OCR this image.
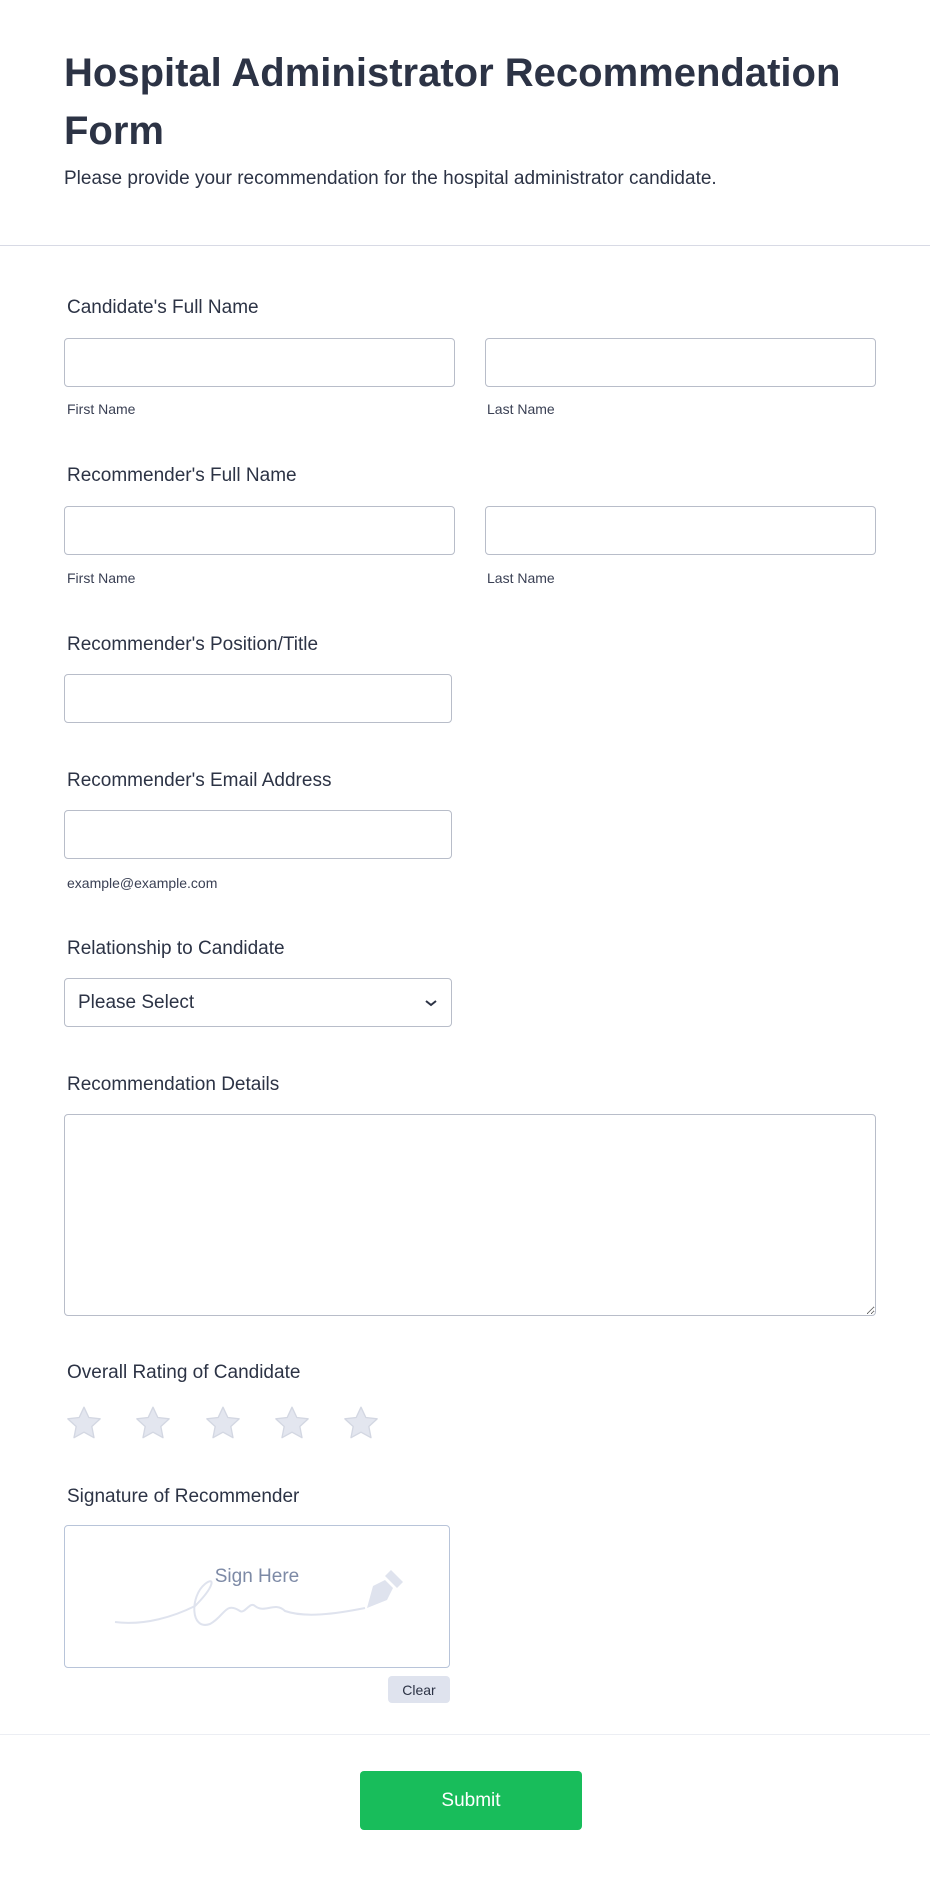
Hospital Administrator Recommendation Form

Please provide your recommendation for the hospital administrator candidate.

Candidate's Full Name
First Name	Last Name
Recommender's Full Name
First Name	Last Name
Recommender's Position/Title
Recommender's Email Address
example@example.com
Relationship to Candidate
Please Select
Recommendation Details
Overall Rating of Candidate
Signature of Recommender
Sign Here
Clear
Submit
